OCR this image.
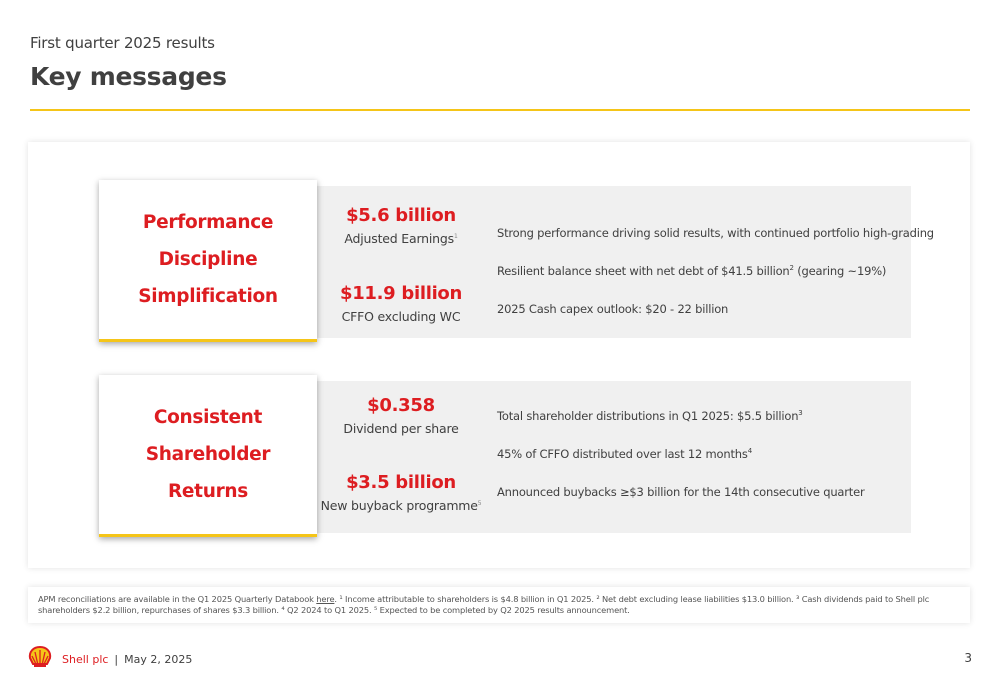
First quarter 2025 results
Key messages
Performance
Discipline
Simplification
$5.6 billion
Adjusted Earnings$^1$
$11.9 billion
CFFO excluding WC
Strong performance driving solid results, with continued portfolio high-grading
Resilient balance sheet with net debt of $41.5 billion$^2$ (gearing ~19%)
2025 Cash capex outlook: $20 - 22 billion
Consistent
Shareholder
Returns
$0.358
Dividend per share
$3.5 billion
New buyback programme$^5$
Total shareholder distributions in Q1 2025: $5.5 billion$^3$
45% of CFFO distributed over last 12 months$^4$
Announced buybacks ≥$3 billion for the 14th consecutive quarter
APM reconciliations are available in the Q1 2025 Quarterly Databook here. ¹ Income attributable to shareholders is $4.8 billion in Q1 2025. ² Net debt excluding lease liabilities $13.0 billion. ³ Cash dividends paid to Shell plc shareholders $2.2 billion, repurchases of shares $3.3 billion. ⁴ Q2 2024 to Q1 2025. ⁵ Expected to be completed by Q2 2025 results announcement.
Shell plc | May 2, 2025	3
